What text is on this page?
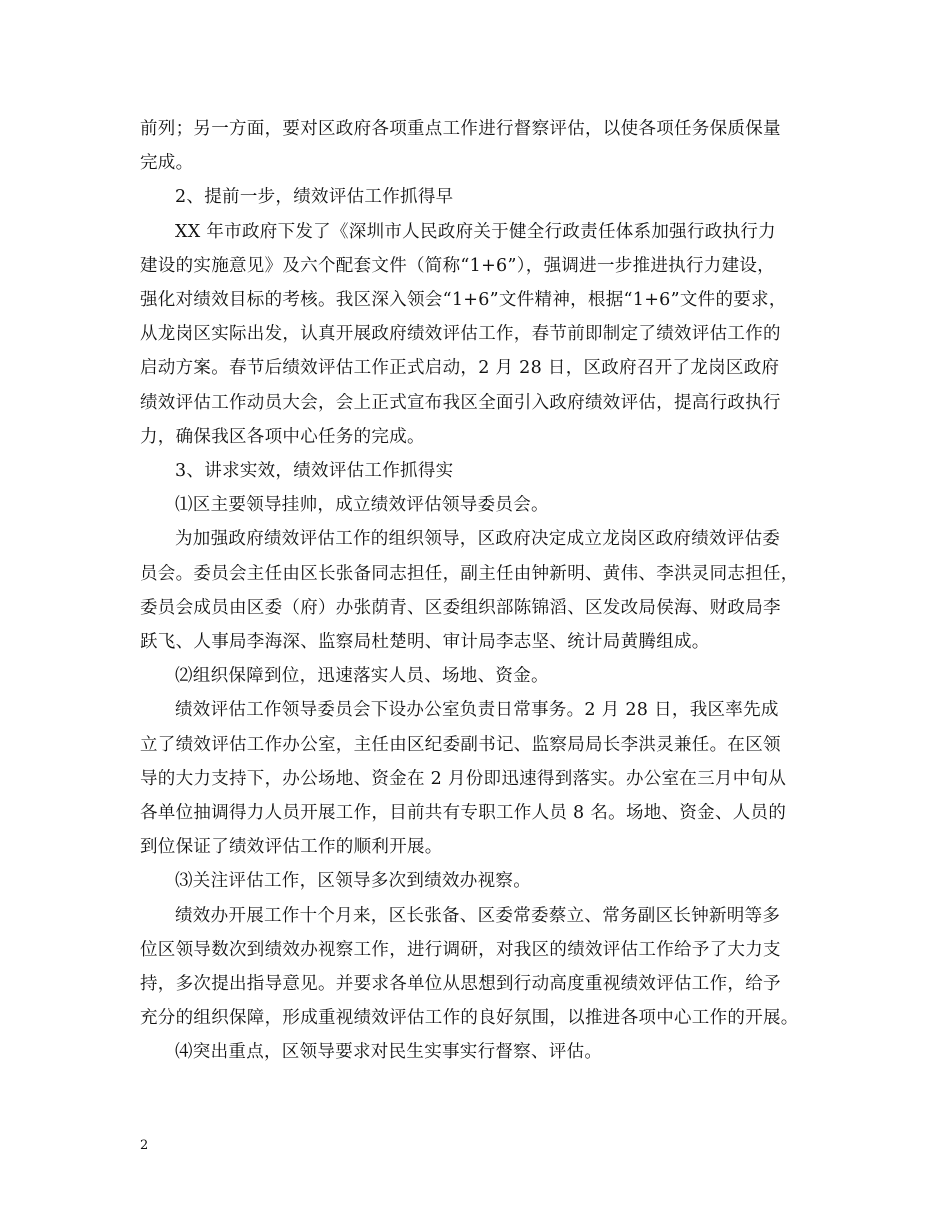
前列；另一方面，要对区政府各项重点工作进行督察评估，以使各项任务保质保量
完成。

2、提前一步，绩效评估工作抓得早

XX 年市政府下发了《深圳市人民政府关于健全行政责任体系加强行政执行力
建设的实施意见》及六个配套文件（简称“1+6”），强调进一步推进执行力建设，
强化对绩效目标的考核。我区深入领会“1+6”文件精神，根据“1+6”文件的要求，
从龙岗区实际出发，认真开展政府绩效评估工作，春节前即制定了绩效评估工作的
启动方案。春节后绩效评估工作正式启动，2 月 28 日，区政府召开了龙岗区政府
绩效评估工作动员大会，会上正式宣布我区全面引入政府绩效评估，提高行政执行
力，确保我区各项中心任务的完成。

3、讲求实效，绩效评估工作抓得实

⑴区主要领导挂帅，成立绩效评估领导委员会。

为加强政府绩效评估工作的组织领导，区政府决定成立龙岗区政府绩效评估委
员会。委员会主任由区长张备同志担任，副主任由钟新明、黄伟、李洪灵同志担任，
委员会成员由区委（府）办张荫青、区委组织部陈锦滔、区发改局侯海、财政局李
跃飞、人事局李海深、监察局杜楚明、审计局李志坚、统计局黄腾组成。

⑵组织保障到位，迅速落实人员、场地、资金。

绩效评估工作领导委员会下设办公室负责日常事务。2 月 28 日，我区率先成
立了绩效评估工作办公室，主任由区纪委副书记、监察局局长李洪灵兼任。在区领
导的大力支持下，办公场地、资金在 2 月份即迅速得到落实。办公室在三月中旬从
各单位抽调得力人员开展工作，目前共有专职工作人员 8 名。场地、资金、人员的
到位保证了绩效评估工作的顺利开展。

⑶关注评估工作，区领导多次到绩效办视察。

绩效办开展工作十个月来，区长张备、区委常委蔡立、常务副区长钟新明等多
位区领导数次到绩效办视察工作，进行调研，对我区的绩效评估工作给予了大力支
持，多次提出指导意见。并要求各单位从思想到行动高度重视绩效评估工作，给予
充分的组织保障，形成重视绩效评估工作的良好氛围，以推进各项中心工作的开展。

⑷突出重点，区领导要求对民生实事实行督察、评估。

2
